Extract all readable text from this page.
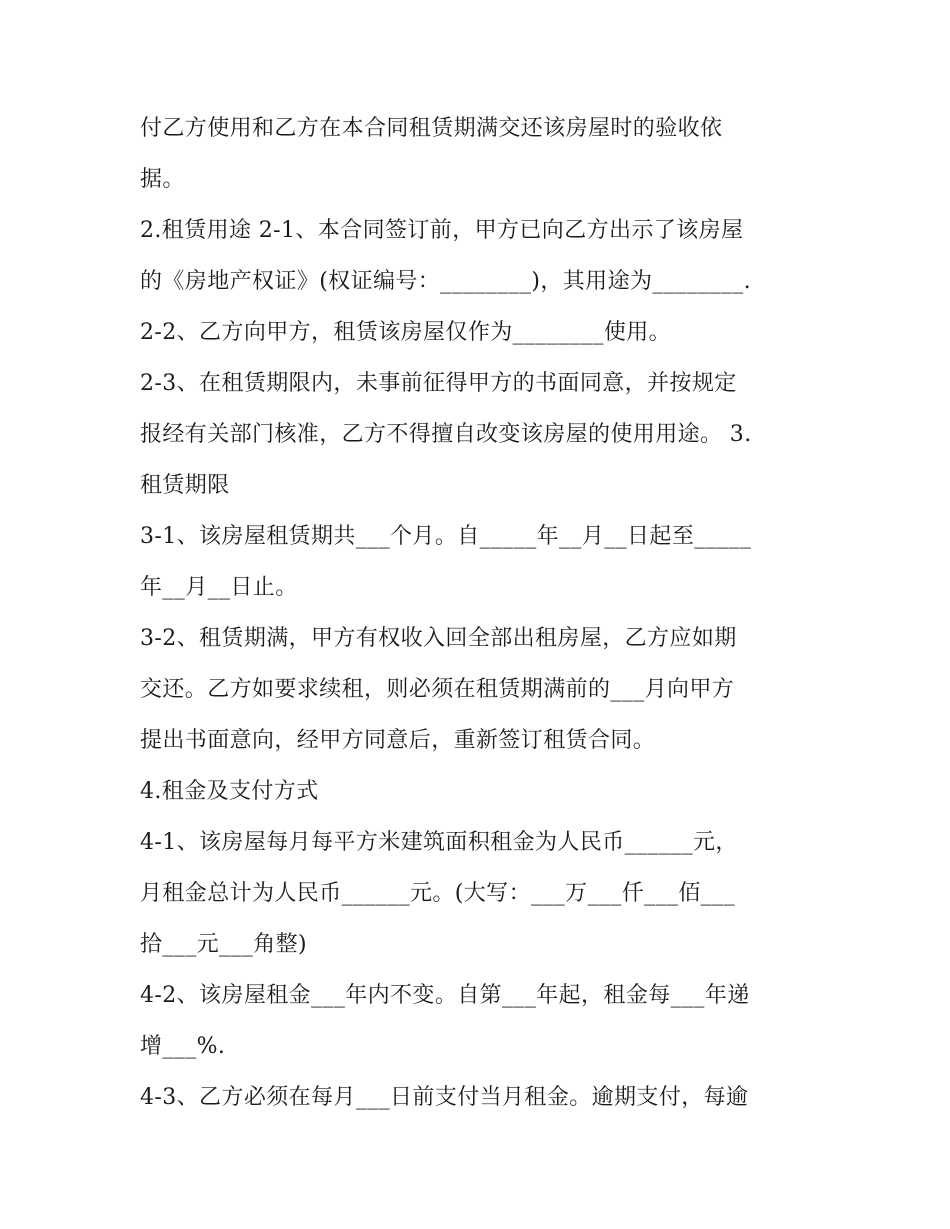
付乙方使用和乙方在本合同租赁期满交还该房屋时的验收依
据。
2.租赁用途 2-1、本合同签订前，甲方已向乙方出示了该房屋
的《房地产权证》(权证编号：________)，其用途为________.
2-2、乙方向甲方，租赁该房屋仅作为________使用。
2-3、在租赁期限内，未事前征得甲方的书面同意，并按规定
报经有关部门核准，乙方不得擅自改变该房屋的使用用途。 3.
租赁期限
3-1、该房屋租赁期共___个月。自_____年__月__日起至_____
年__月__日止。
3-2、租赁期满，甲方有权收入回全部出租房屋，乙方应如期
交还。乙方如要求续租，则必须在租赁期满前的___月向甲方
提出书面意向，经甲方同意后，重新签订租赁合同。
4.租金及支付方式
4-1、该房屋每月每平方米建筑面积租金为人民币______元，
月租金总计为人民币______元。(大写：___万___仟___佰___
拾___元___角整)
4-2、该房屋租金___年内不变。自第___年起，租金每___年递
增___%.
4-3、乙方必须在每月___日前支付当月租金。逾期支付，每逾
